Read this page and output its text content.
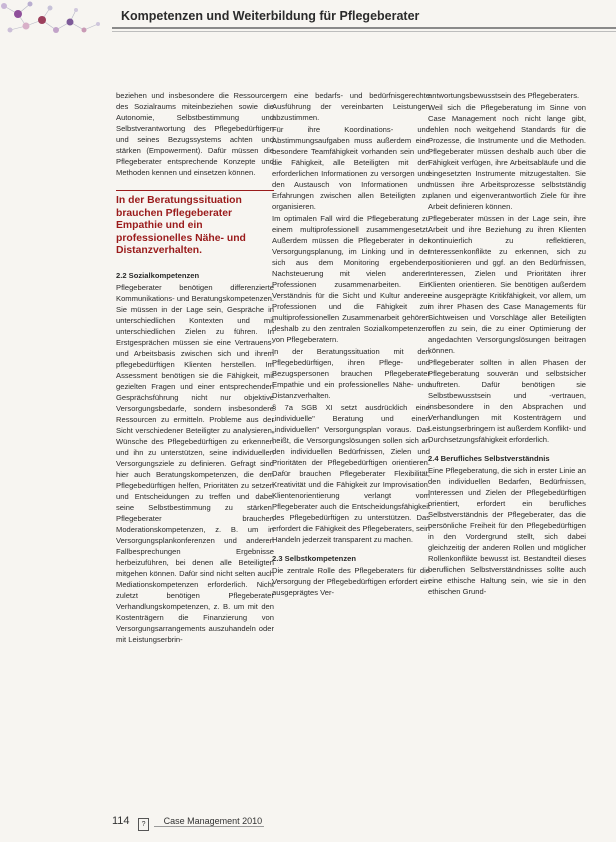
Kompetenzen und Weiterbildung für Pflegeberater

beziehen und insbesondere die Ressourcen des Sozialraums miteinbeziehen sowie die Autonomie, Selbstbestimmung und Selbstverantwortung des Pflegebedürftigen und seines Bezugssystems achten und stärken (Empowerment). Dafür müssen die Pflegeberater entsprechende Konzepte und Methoden kennen und einsetzen können.

In der Beratungssituation brauchen Pflegeberater Empathie und ein professionelles Nähe- und Distanzverhalten.
2.2 Sozialkompetenzen

Pflegeberater benötigen differenzierte Kommunikations- und Beratungskompetenzen. Sie müssen in der Lage sein, Gespräche in unterschiedlichen Kontexten und mit unterschiedlichen Zielen zu führen. In Erstgesprächen müssen sie eine Vertrauens- und Arbeitsbasis zwischen sich und ihrem pflegebedürftigen Klienten herstellen. Im Assessment benötigen sie die Fähigkeit, mit gezielten Fragen und einer entsprechenden Gesprächsführung nicht nur objektive Versorgungsbedarfe, sondern insbesondere Ressourcen zu ermitteln. Probleme aus der Sicht verschiedener Beteiligter zu analysieren, Wünsche des Pflegebedürftigen zu erkennen und ihn zu unterstützen, seine individuellen Versorgungsziele zu definieren. Gefragt sind hier auch Beratungskompetenzen, die dem Pflegebedürftigen helfen, Prioritäten zu setzen und Entscheidungen zu treffen und dabei seine Selbstbestimmung zu stärken. Pflegeberater brauchen Moderationskompetenzen, z. B. um in Versorgungsplankonferenzen und anderen Fallbesprechungen Ergebnisse herbeizuführen, bei denen alle Beteiligten mitgehen können. Dafür sind nicht selten auch Mediationskompetenzen erforderlich. Nicht zuletzt benötigen Pflegeberater Verhandlungskompetenzen, z. B. um mit den Kostenträgern die Finanzierung von Versorgungsarrangements auszuhandeln oder mit Leistungserbrin-

gern eine bedarfs- und bedürfnisgerechte Ausführung der vereinbarten Leistungen abzustimmen.

Für ihre Koordinations- und Abstimmungsaufgaben muss außerdem eine besondere Teamfähigkeit vorhanden sein und die Fähigkeit, alle Beteiligten mit den erforderlichen Informationen zu versorgen und den Austausch von Informationen und Erfahrungen zwischen allen Beteiligten zu organisieren.

Im optimalen Fall wird die Pflegeberatung zu einem multiprofessionell zusammengesetzt. Außerdem müssen die Pflegeberater in der Versorgungsplanung, im Linking und in der sich aus dem Monitoring ergebenden Nachsteuerung mit vielen anderen Professionen zusammenarbeiten. Ein Verständnis für die Sicht und Kultur anderer Professionen und die Fähigkeit zur multiprofessionellen Zusammenarbeit gehören deshalb zu den zentralen Sozialkompetenzen von Pflegeberatern.

In der Beratungssituation mit den Pflegebedürftigen, ihren Pflege- und Bezugspersonen brauchen Pflegeberater Empathie und ein professionelles Nähe- und Distanzverhalten.

§ 7a SGB XI setzt ausdrücklich eine „individuelle" Beratung und einen „individuellen" Versorgungsplan voraus. Das heißt, die Versorgungslösungen sollen sich an den individuellen Bedürfnissen, Zielen und Prioritäten der Pflegebedürftigen orientieren. Dafür brauchen Pflegeberater Flexibilität, Kreativität und die Fähigkeit zur Improvisation. Klientenorientierung verlangt vom Pflegeberater auch die Entscheidungsfähigkeit des Pflegebedürftigen zu unterstützen. Das erfordert die Fähigkeit des Pflegeberaters, sein Handeln jederzeit transparent zu machen.

2.3 Selbstkompetenzen

Die zentrale Rolle des Pflegeberaters für die Versorgung der Pflegebedürftigen erfordert ein ausgeprägtes Ver-

antwortungsbewusstsein des Pflegeberaters.

Weil sich die Pflegeberatung im Sinne von Case Management noch nicht lange gibt, fehlen noch weitgehend Standards für die Prozesse, die Instrumente und die Methoden. Pflegeberater müssen deshalb auch über die Fähigkeit verfügen, ihre Arbeitsabläufe und die eingesetzten Instrumente mitzugestalten. Sie müssen ihre Arbeitsprozesse selbstständig planen und eigenverantwortlich Ziele für ihre Arbeit definieren können.

Pflegeberater müssen in der Lage sein, ihre Arbeit und ihre Beziehung zu ihren Klienten kontinuierlich zu reflektieren, Interessenkonflikte zu erkennen, sich zu positionieren und ggf. an den Bedürfnissen, Interessen, Zielen und Prioritäten ihrer Klienten orientieren. Sie benötigen außerdem eine ausgeprägte Kritikfähigkeit, vor allem, um in ihrer Phasen des Case Managements für Sichtweisen und Vorschläge aller Beteiligten offen zu sein, die zu einer Optimierung der angedachten Versorgungslösungen beitragen können.

Pflegeberater sollten in allen Phasen der Pflegeberatung souverän und selbstsicher auftreten. Dafür benötigen sie Selbstbewusstsein und -vertrauen, insbesondere in den Absprachen und Verhandlungen mit Kostenträgern und Leistungserbringern ist außerdem Konflikt- und Durchsetzungsfähigkeit erforderlich.

2.4 Berufliches Selbstverständnis

Eine Pflegeberatung, die sich in erster Linie an den individuellen Bedarfen, Bedürfnissen, Interessen und Zielen der Pflegebedürftigen orientiert, erfordert ein berufliches Selbstverständnis der Pflegeberater, das die persönliche Freiheit für den Pflegebedürftigen in den Vordergrund stellt, sich dabei gleichzeitig der anderen Rollen und möglicher Rollenkonflikte bewusst ist. Bestandteil dieses beruflichen Selbstverständnisses sollte auch eine ethische Haltung sein, wie sie in den ethischen Grund-

114 ? Case Management 2010
